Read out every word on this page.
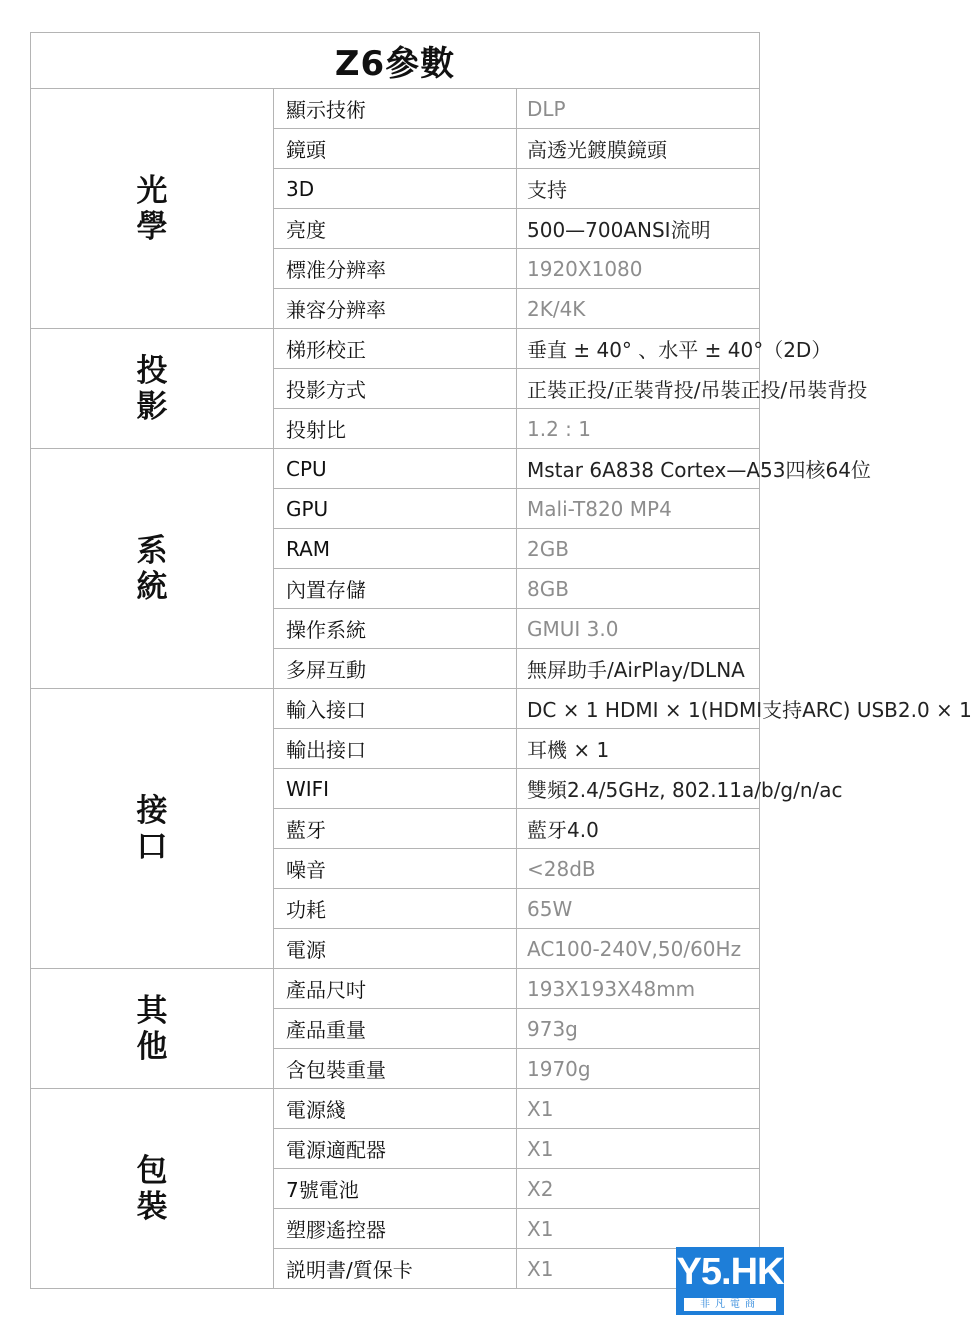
Z6參數		
光學	顯示技術	DLP
	鏡頭	高透光鍍膜鏡頭
	3D	支持
	亮度	500—700ANSI流明
	標准分辨率	1920X1080
	兼容分辨率	2K/4K
投影	梯形校正	垂直 ± 40° 、水平 ± 40°（2D）
	投影方式	正裝正投/正裝背投/吊裝正投/吊裝背投
	投射比	1.2 : 1
系統	CPU	Mstar 6A838 Cortex—A53四核64位
	GPU	Mali-T820 MP4
	RAM	2GB
	內置存儲	8GB
	操作系統	GMUI 3.0
	多屏互動	無屏助手/AirPlay/DLNA
接口	輸入接口	DC × 1 HDMI × 1(HDMI支持ARC) USB2.0 × 1
	輸出接口	耳機 × 1
	WIFI	雙頻2.4/5GHz, 802.11a/b/g/n/ac
	藍牙	藍牙4.0
	噪音	<28dB
	功耗	65W
	電源	AC100-240V,50/60Hz
其他	產品尺吋	193X193X48mm
	產品重量	973g
	含包裝重量	1970g
包裝	電源綫	X1
	電源適配器	X1
	7號電池	X2
	塑膠遙控器	X1
	説明書/質保卡	X1	Y5.HK
非凡電商
